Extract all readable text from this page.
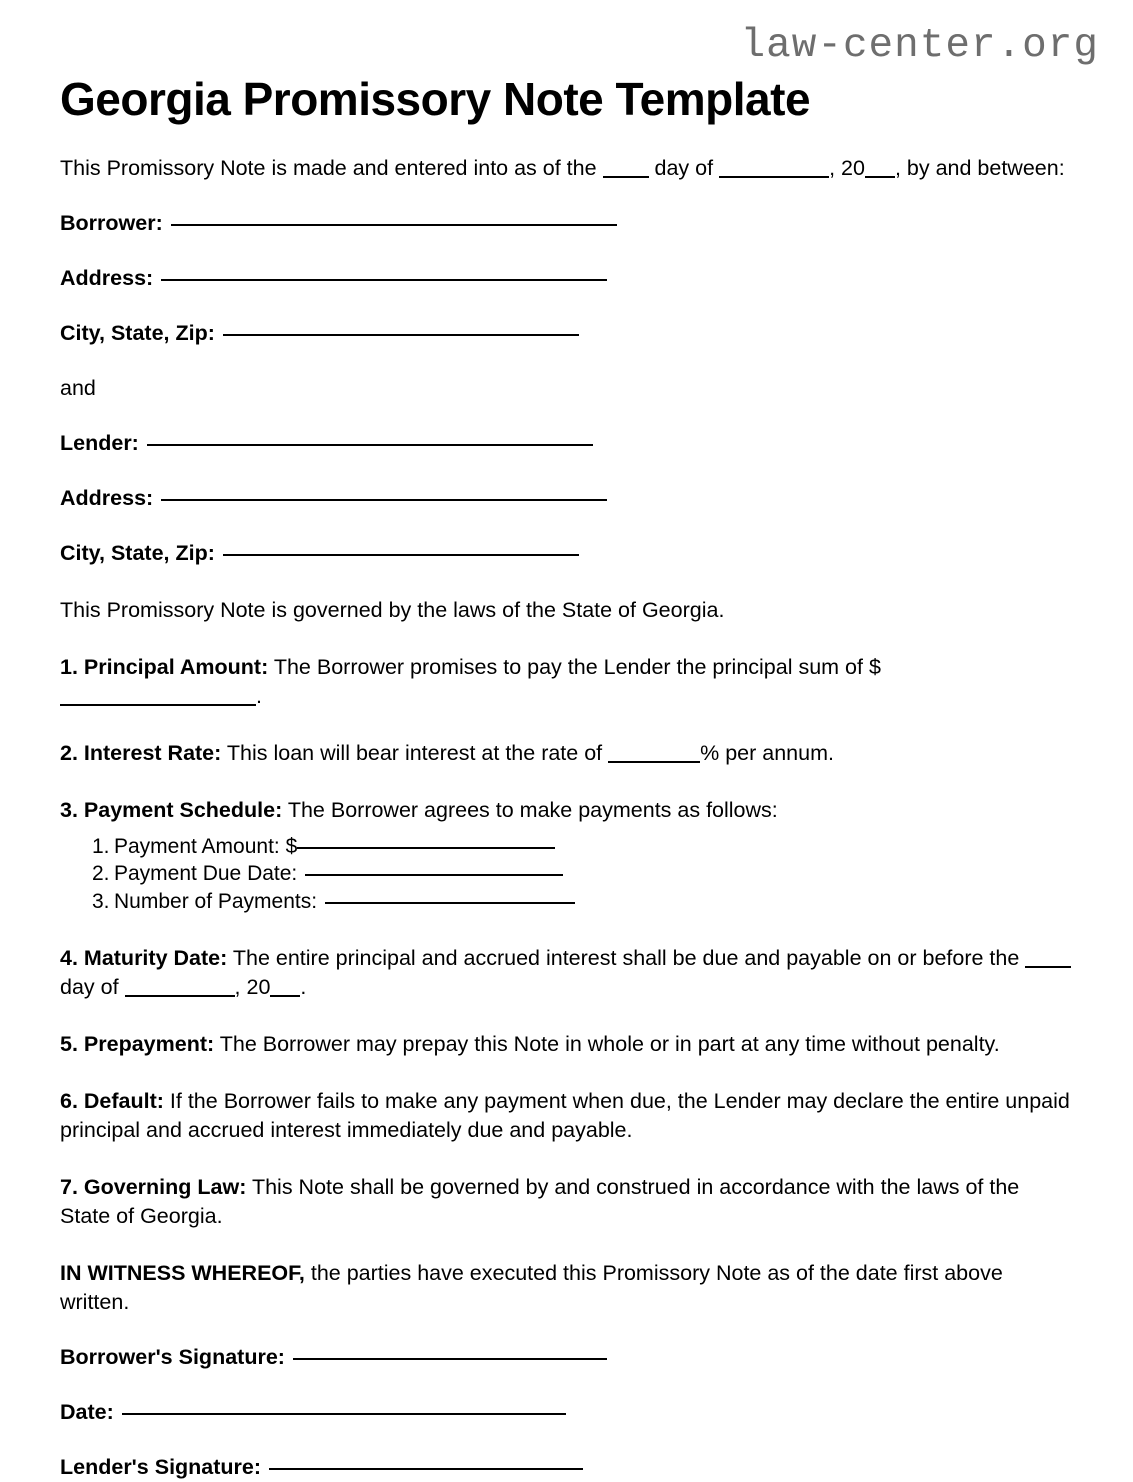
law-center.org
Georgia Promissory Note Template

This Promissory Note is made and entered into as of the  day of	, 20 , by and between:

Borrower:
Address:
City, State, Zip:

and

Lender:
Address:
City, State, Zip:

This Promissory Note is governed by the laws of the State of Georgia.

1. Principal Amount: The Borrower promises to pay the Lender the principal sum of $.

2. Interest Rate: This loan will bear interest at the rate of	% per annum.

3. Payment Schedule: The Borrower agrees to make payments as follows:

1. Payment Amount: $
2. Payment Due Date:
3. Number of Payments:

4. Maturity Date: The entire principal and accrued interest shall be due and payable on or before the  day of	, 20 .

5. Prepayment: The Borrower may prepay this Note in whole or in part at any time without penalty.

6. Default: If the Borrower fails to make any payment when due, the Lender may declare the entire unpaid principal and accrued interest immediately due and payable.

7. Governing Law: This Note shall be governed by and construed in accordance with the laws of the State of Georgia.

IN WITNESS WHEREOF, the parties have executed this Promissory Note as of the date first above written.

Borrower's Signature:
Date:
Lender's Signature:
